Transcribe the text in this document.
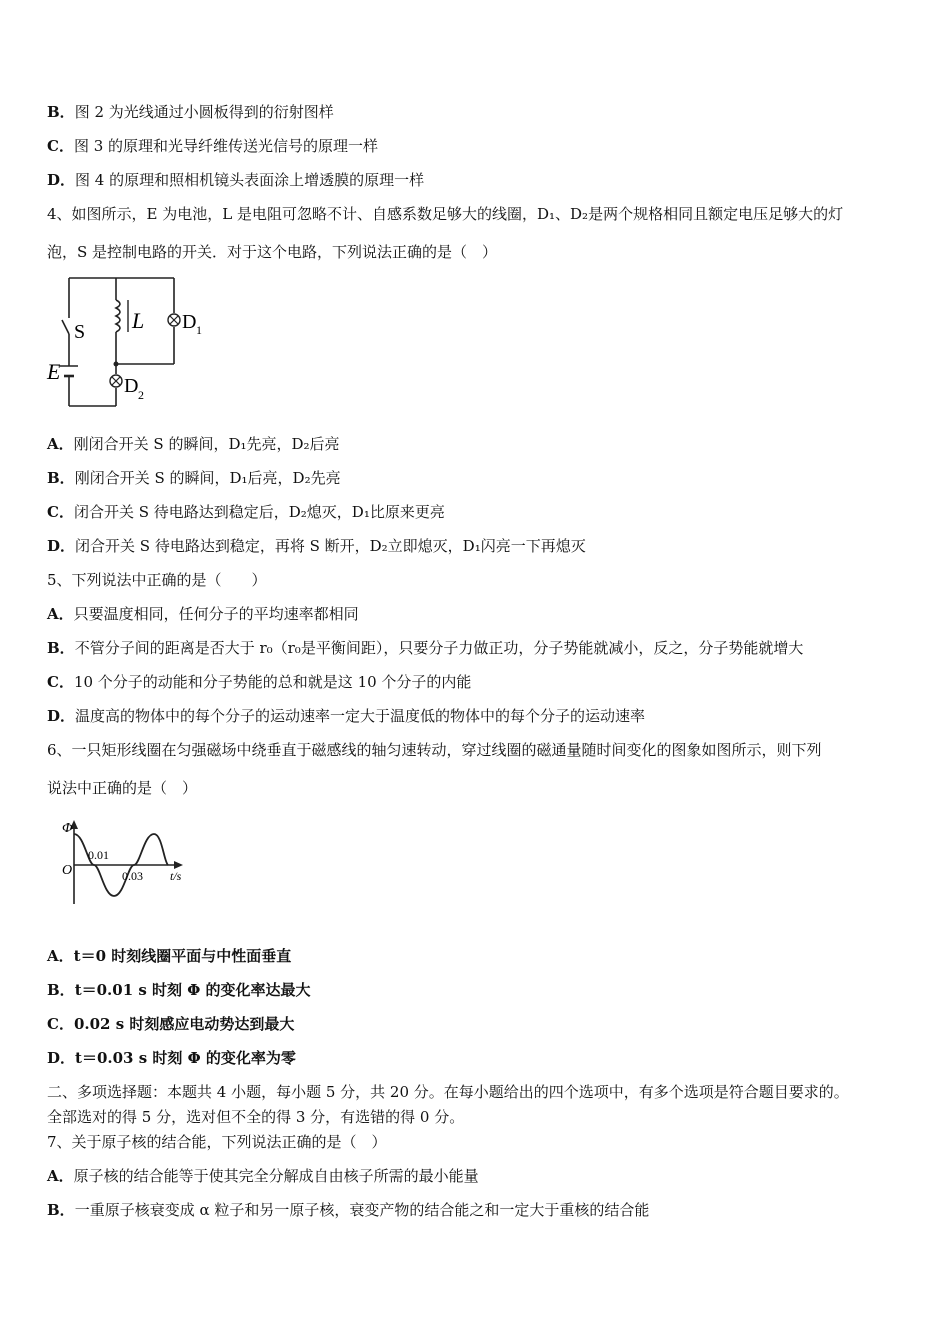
B．图 2 为光线通过小圆板得到的衍射图样
C．图 3 的原理和光导纤维传送光信号的原理一样
D．图 4 的原理和照相机镜头表面涂上增透膜的原理一样
4、如图所示，E 为电池，L 是电阻可忽略不计、自感系数足够大的线圈，D₁、D₂是两个规格相同且额定电压足够大的灯
泡，S 是控制电路的开关．对于这个电路，下列说法正确的是（　）
S L
E
D 1
D 2
A．刚闭合开关 S 的瞬间，D₁先亮，D₂后亮
B．刚闭合开关 S 的瞬间，D₁后亮，D₂先亮
C．闭合开关 S 待电路达到稳定后，D₂熄灭，D₁比原来更亮
D．闭合开关 S 待电路达到稳定，再将 S 断开，D₂立即熄灭，D₁闪亮一下再熄灭
5、下列说法中正确的是（　　）
A．只要温度相同，任何分子的平均速率都相同
B．不管分子间的距离是否大于 r₀（r₀是平衡间距），只要分子力做正功，分子势能就减小，反之，分子势能就增大
C．10 个分子的动能和分子势能的总和就是这 10 个分子的内能
D．温度高的物体中的每个分子的运动速率一定大于温度低的物体中的每个分子的运动速率
6、一只矩形线圈在匀强磁场中绕垂直于磁感线的轴匀速转动，穿过线圈的磁通量随时间变化的图象如图所示，则下列
说法中正确的是（　）
Φ
O
0.01
0.03 t/s
A．t＝0 时刻线圈平面与中性面垂直
B．t＝0.01 s 时刻 Φ 的变化率达最大
C．0.02 s 时刻感应电动势达到最大
D．t＝0.03 s 时刻 Φ 的变化率为零
二、多项选择题：本题共 4 小题，每小题 5 分，共 20 分。在每小题给出的四个选项中，有多个选项是符合题目要求的。
全部选对的得 5 分，选对但不全的得 3 分，有选错的得 0 分。
7、关于原子核的结合能，下列说法正确的是（　）
A．原子核的结合能等于使其完全分解成自由核子所需的最小能量
B．一重原子核衰变成 α 粒子和另一原子核，衰变产物的结合能之和一定大于重核的结合能
